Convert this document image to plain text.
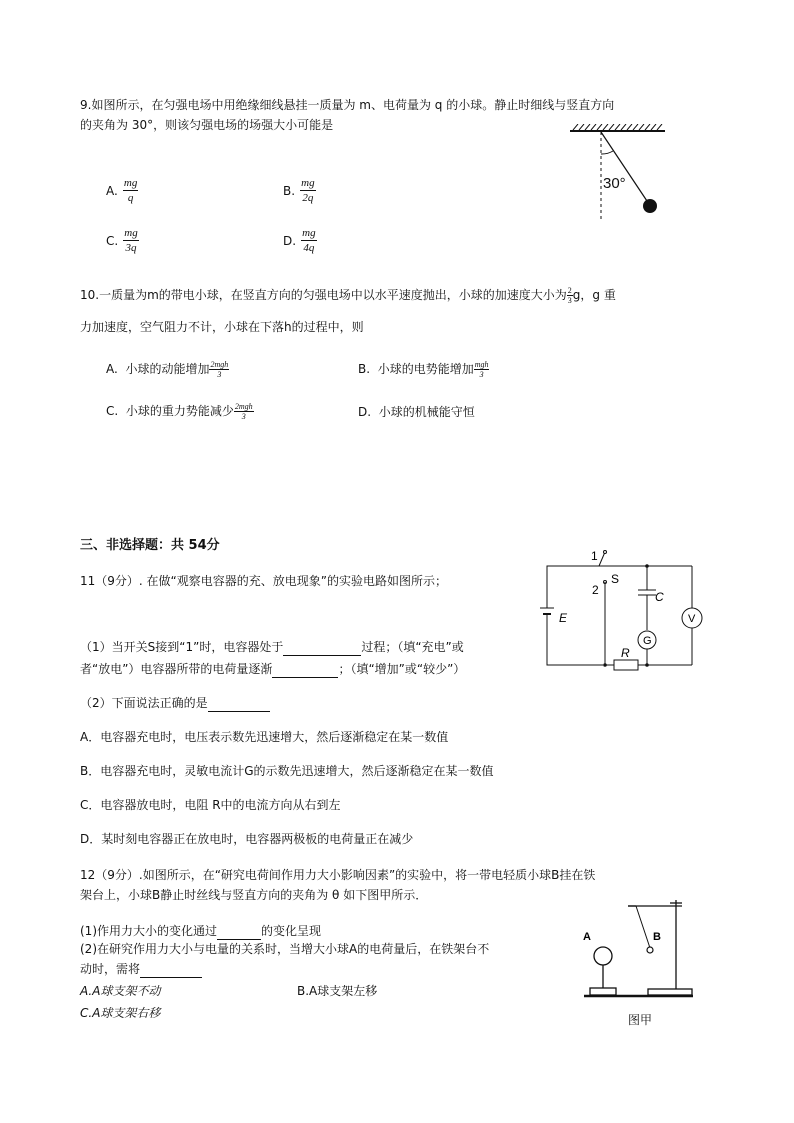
9.如图所示，在匀强电场中用绝缘细线悬挂一质量为 m、电荷量为 q 的小球。静止时细线与竖直方向
的夹角为 30°，则该匀强电场的场强大小可能是
A. $\frac{mg}{q}$	B. $\frac{mg}{2q}$
C. $\frac{mg}{3q}$	D. $\frac{mg}{4q}$
30°
10.一质量为m的带电小球，在竖直方向的匀强电场中以水平速度抛出，小球的加速度大小为 $\frac{2}{3}$ g，g 重
力加速度，空气阻力不计，小球在下落h的过程中，则
A. 小球的动能增加 $\frac{\text{2mgh}}{3}$	B. 小球的电势能增加 $\frac{\text{mgh}}{3}$
C. 小球的重力势能减少 $\frac{\text{2mgh}}{3}$	D. 小球的机械能守恒
三、非选择题：共 54分
11（9分）. 在做“观察电容器的充、放电现象”的实验电路如图所示；
（1）当开关S接到“1”时，电容器处于	过程；（填“充电”或
者“放电”）电容器所带的电荷量逐渐	；（填“增加”或“较少”）
（2）下面说法正确的是
A．电容器充电时，电压表示数先迅速增大，然后逐渐稳定在某一数值
B．电容器充电时，灵敏电流计G的示数先迅速增大，然后逐渐稳定在某一数值
C．电容器放电时，电阻 R中的电流方向从右到左
D．某时刻电容器正在放电时，电容器两极板的电荷量正在减少
1
2
S
E
C
V
G
R
12（9分）.如图所示，在“研究电荷间作用力大小影响因素”的实验中，将一带电轻质小球B挂在铁
架台上，小球B静止时丝线与竖直方向的夹角为 θ 如下图甲所示．
(1)作用力大小的变化通过	的变化呈现
(2)在研究作用力大小与电量的关系时，当增大小球A的电荷量后，在铁架台不
动时，需将
A.A球支架不动	B.A球支架左移
C.A球支架右移
A	B
图甲
